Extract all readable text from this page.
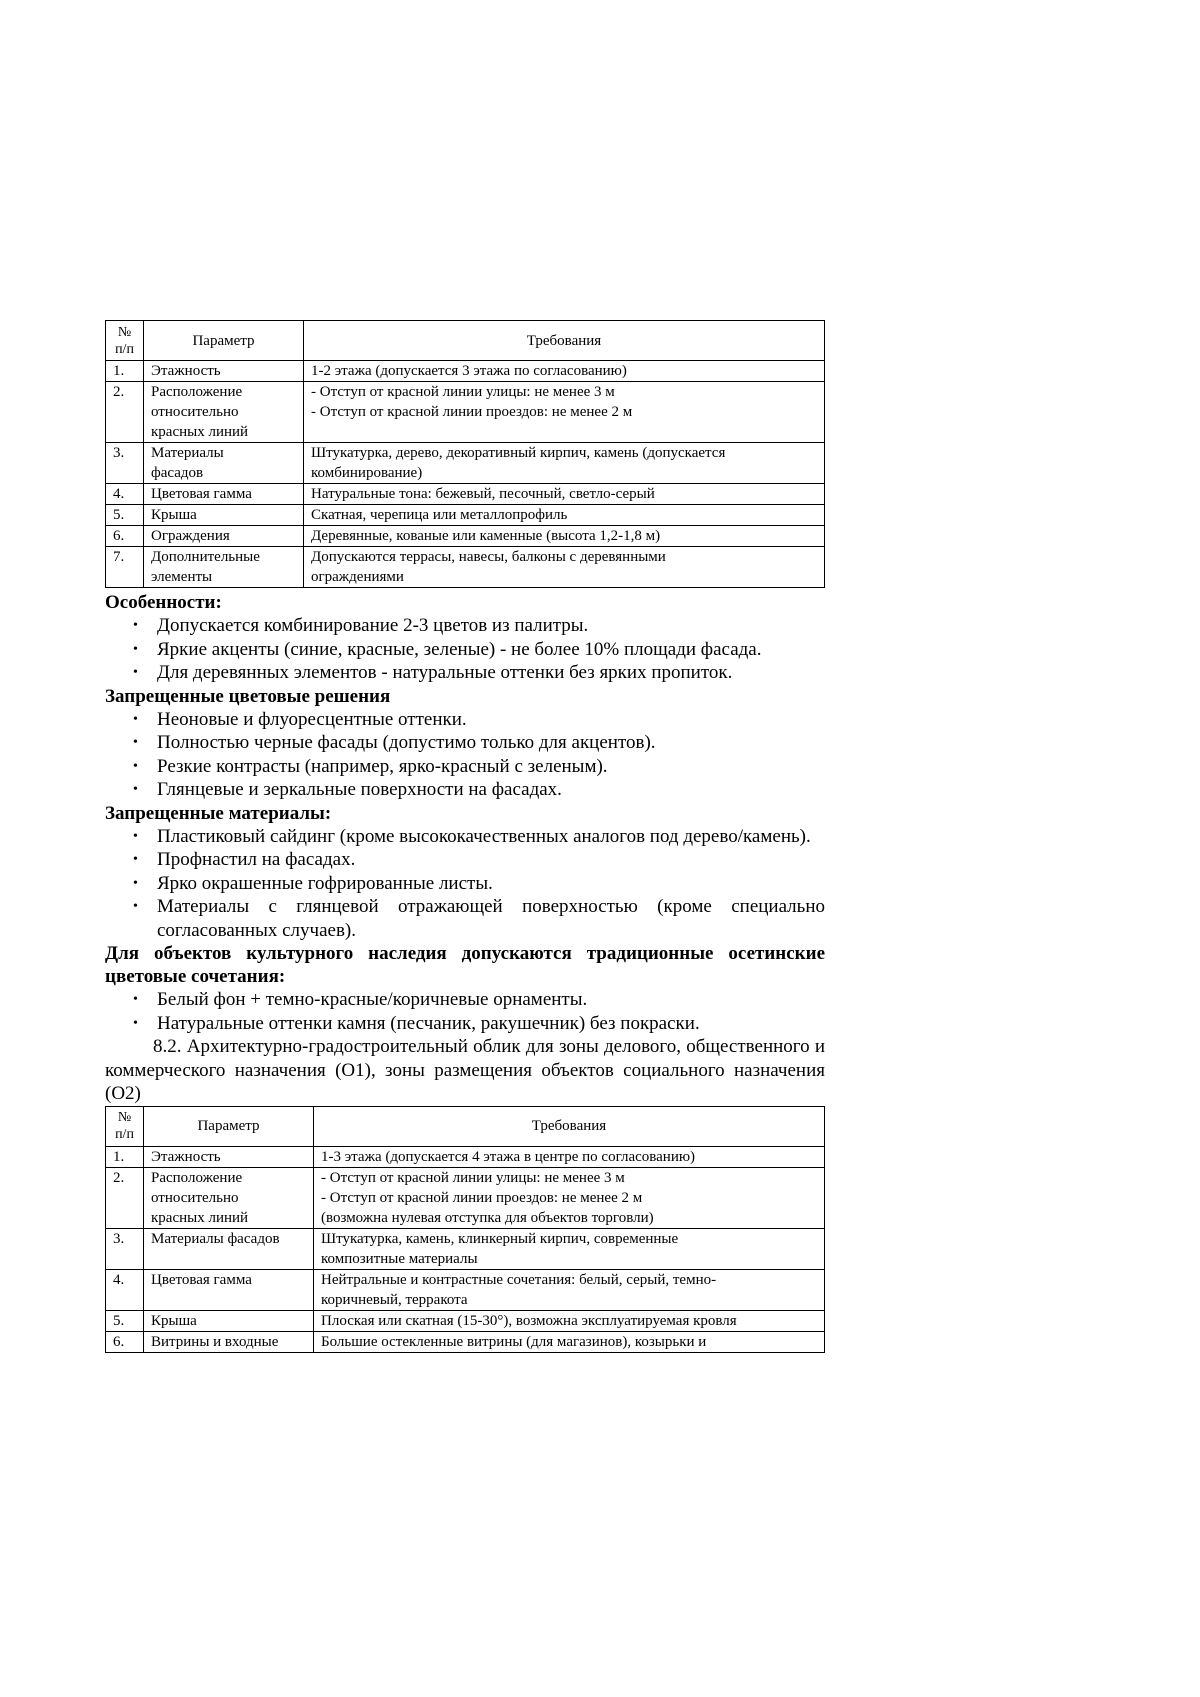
№
п/п	Параметр	Требования
1.	Этажность	1-2 этажа (допускается 3 этажа по согласованию)

2.	Расположение
относительно
красных линий	- Отступ от красной линии улицы: не менее 3 м
- Отступ от красной линии проездов: не менее 2 м

3.	Материалы
фасадов	Штукатурка, дерево, декоративный кирпич, камень (допускается
комбинирование)

4.	Цветовая гамма	Натуральные тона: бежевый, песочный, светло-серый

5.	Крыша	Скатная, черепица или металлопрофиль

6.	Ограждения	Деревянные, кованые или каменные (высота 1,2-1,8 м)

7.	Дополнительные
элементы	Допускаются террасы, навесы, балконы с деревянными
ограждениями

Особенности:

• Допускается комбинирование 2-3 цветов из палитры.
• Яркие акценты (синие, красные, зеленые) - не более 10% площади фасада.
• Для деревянных элементов - натуральные оттенки без ярких пропиток.

Запрещенные цветовые решения

• Неоновые и флуоресцентные оттенки.
• Полностью черные фасады (допустимо только для акцентов).
• Резкие контрасты (например, ярко-красный с зеленым).
• Глянцевые и зеркальные поверхности на фасадах.

Запрещенные материалы:

• Пластиковый сайдинг (кроме высококачественных аналогов под дерево/камень).
• Профнастил на фасадах.
• Ярко окрашенные гофрированные листы.
• Материалы с глянцевой отражающей поверхностью (кроме специально согласованных случаев).

Для объектов культурного наследия допускаются традиционные осетинские цветовые сочетания:

• Белый фон + темно-красные/коричневые орнаменты.
• Натуральные оттенки камня (песчаник, ракушечник) без покраски.

8.2. Архитектурно-градостроительный облик для зоны делового, общественного и коммерческого назначения (О1), зоны размещения объектов социального назначения (О2)

№
п/п	Параметр	Требования
1.	Этажность	1-3 этажа (допускается 4 этажа в центре по согласованию)

2.	Расположение
относительно
красных линий	- Отступ от красной линии улицы: не менее 3 м
- Отступ от красной линии проездов: не менее 2 м
(возможна нулевая отступка для объектов торговли)

3.	Материалы фасадов	Штукатурка, камень, клинкерный кирпич, современные
композитные материалы

4.	Цветовая гамма	Нейтральные и контрастные сочетания: белый, серый, темно-
коричневый, терракота

5.	Крыша	Плоская или скатная (15-30°), возможна эксплуатируемая кровля

6.	Витрины и входные	Большие остекленные витрины (для магазинов), козырьки и
